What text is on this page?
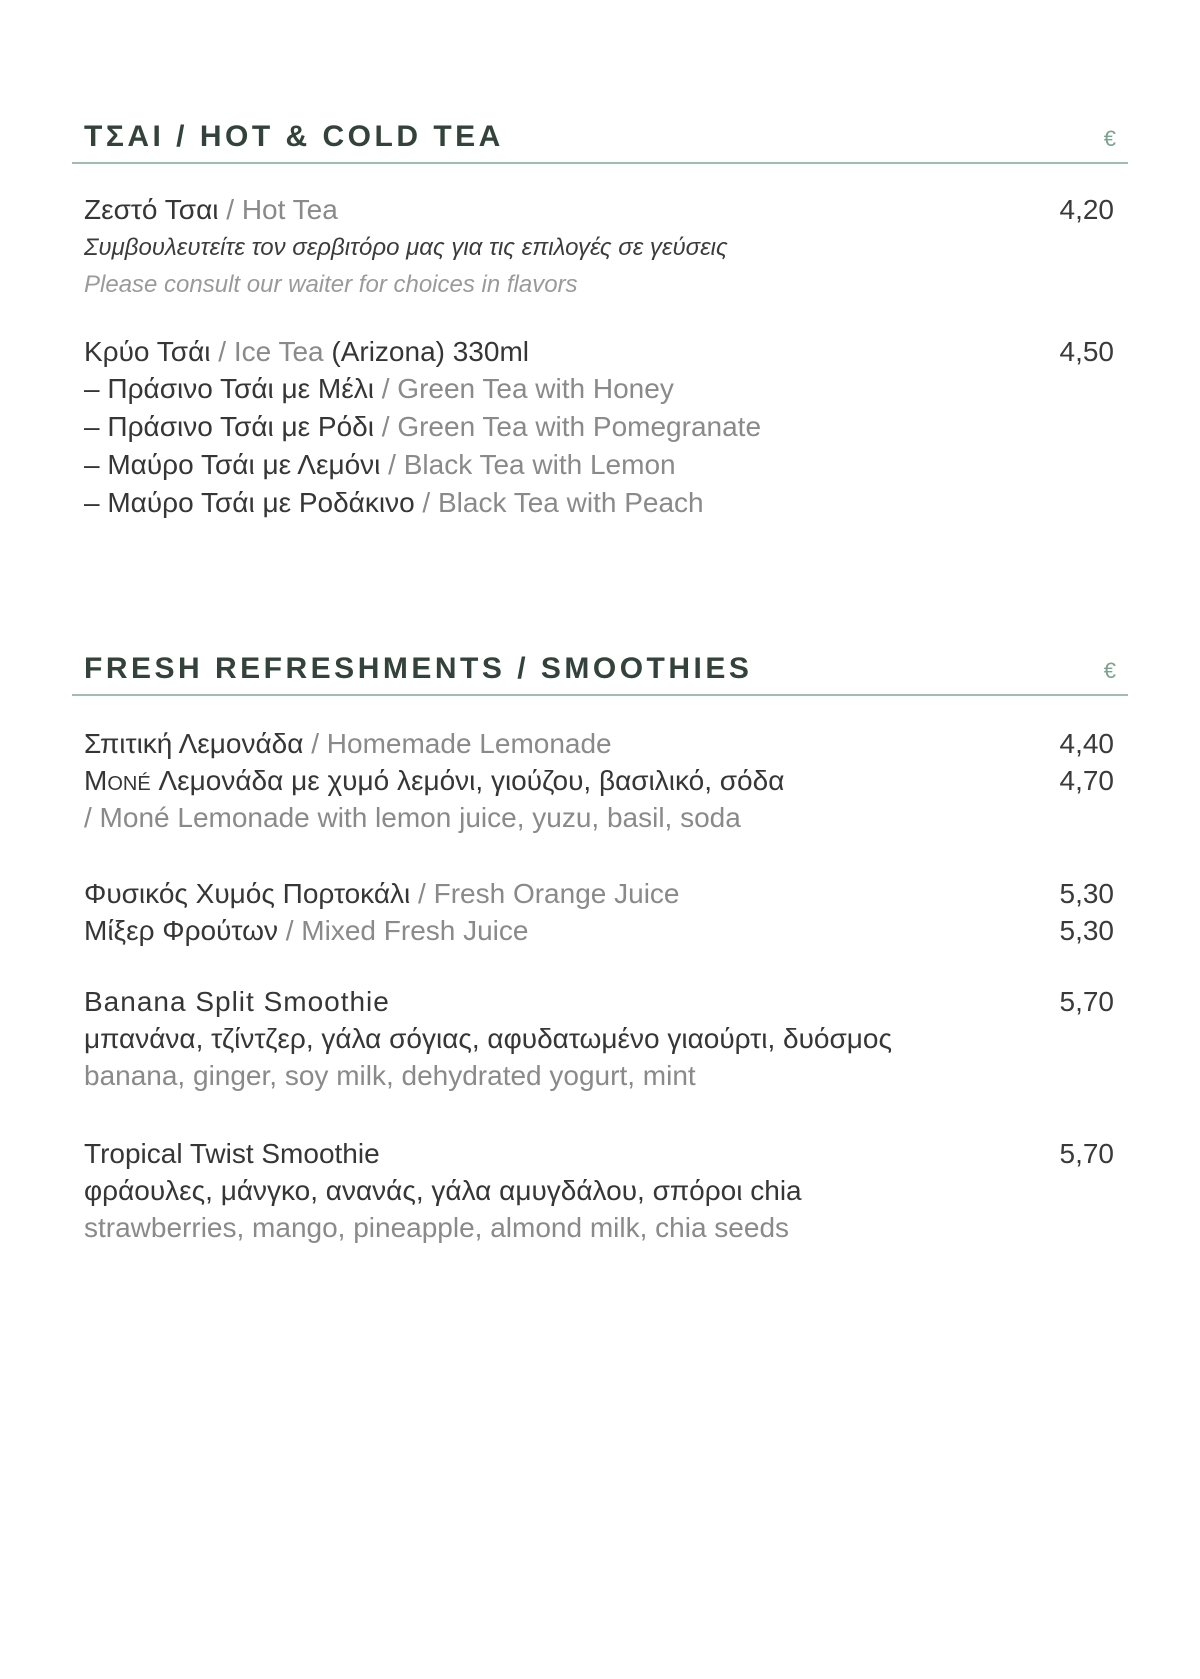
ΤΣΑΙ / HOT & COLD TEA	€
Ζεστό Τσαι / Hot Tea	4,20
Συμβουλευτείτε τον σερβιτόρο μας για τις επιλογές σε γεύσεις
Please consult our waiter for choices in flavors
Κρύο Τσάι / Ice Tea (Arizona) 330ml	4,50
– Πράσινο Τσάι με Μέλι / Green Tea with Honey
– Πράσινο Τσάι με Ρόδι / Green Tea with Pomegranate
– Μαύρο Τσάι με Λεμόνι / Black Tea with Lemon
– Μαύρο Τσάι με Ροδάκινο / Black Tea with Peach
FRESH REFRESHMENTS / SMOOTHIES	€
Σπιτική Λεμονάδα / Homemade Lemonade	4,40
Moné Λεμονάδα με χυμό λεμόνι, γιούζου, βασιλικό, σόδα	4,70
/ Moné Lemonade with lemon juice, yuzu, basil, soda
Φυσικός Χυμός Πορτοκάλι / Fresh Orange Juice	5,30
Μίξερ Φρούτων / Mixed Fresh Juice	5,30
Banana Split Smoothie	5,70
μπανάνα, τζίντζερ, γάλα σόγιας, αφυδατωμένο γιαούρτι, δυόσμος
banana, ginger, soy milk, dehydrated yogurt, mint
Tropical Twist Smoothie	5,70
φράουλες, μάνγκο, ανανάς, γάλα αμυγδάλου, σπόροι chia
strawberries, mango, pineapple, almond milk, chia seeds
